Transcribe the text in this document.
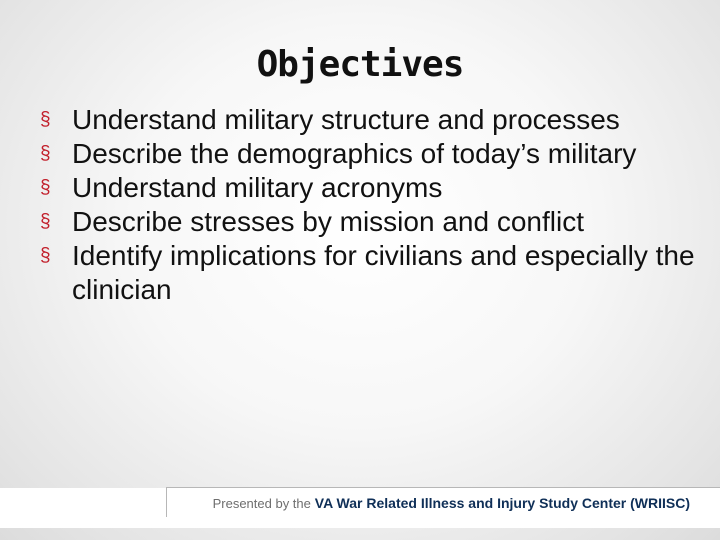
Objectives
§ Understand military structure and processes
§ Describe the demographics of today’s military
§ Understand military acronyms
§ Describe stresses by mission and conflict
§ Identify implications for civilians and especially the clinician
Presented by the VA War Related Illness and Injury Study Center (WRIISC)
